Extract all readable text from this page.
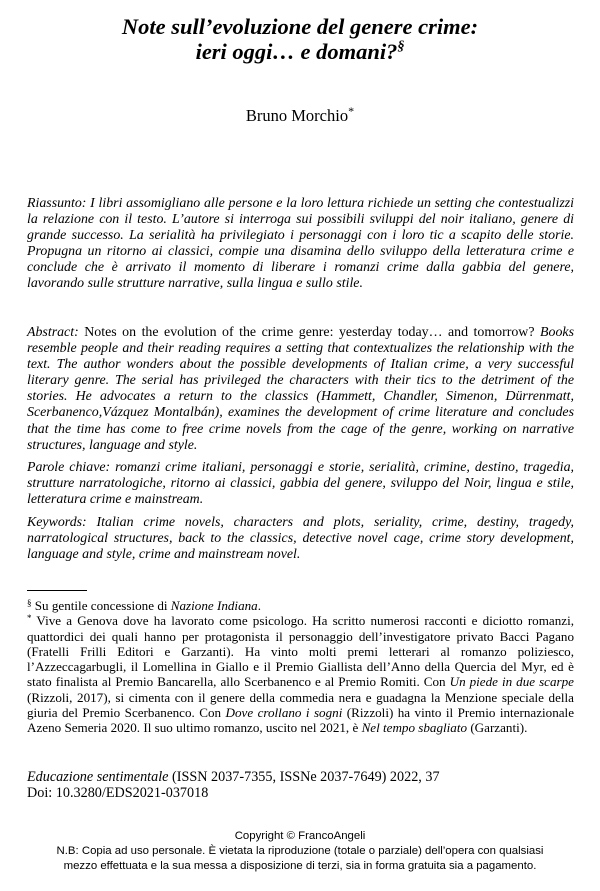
Note sull’evoluzione del genere crime:
ieri oggi… e domani?§
Bruno Morchio*

Riassunto: I libri assomigliano alle persone e la loro lettura richiede un setting che contestualizzi la relazione con il testo. L’autore si interroga sui possibili sviluppi del noir italiano, genere di grande successo. La serialità ha privilegiato i personaggi con i loro tic a scapito delle storie. Propugna un ritorno ai classici, compie una disamina dello sviluppo della letteratura crime e conclude che è arrivato il momento di liberare i romanzi crime dalla gabbia del genere, lavorando sulle strutture narrative, sulla lingua e sullo stile.

Abstract: Notes on the evolution of the crime genre: yesterday today… and tomorrow? Books resemble people and their reading requires a setting that contextualizes the relationship with the text. The author wonders about the possible developments of Italian crime, a very successful literary genre. The serial has privileged the characters with their tics to the detriment of the stories. He advocates a return to the classics (Hammett, Chandler, Simenon, Dürrenmatt, Scerbanenco,Vázquez Montalbán), examines the development of crime literature and concludes that the time has come to free crime novels from the cage of the genre, working on narrative structures, language and style.

Parole chiave: romanzi crime italiani, personaggi e storie, serialità, crimine, destino, tragedia, strutture narratologiche, ritorno ai classici, gabbia del genere, sviluppo del Noir, lingua e stile, letteratura crime e mainstream.

Keywords: Italian crime novels, characters and plots, seriality, crime, destiny, tragedy, narratological structures, back to the classics, detective novel cage, crime story development, language and style, crime and mainstream novel.

§ Su gentile concessione di Nazione Indiana.

* Vive a Genova dove ha lavorato come psicologo. Ha scritto numerosi racconti e diciotto romanzi, quattordici dei quali hanno per protagonista il personaggio dell’investigatore privato Bacci Pagano (Fratelli Frilli Editori e Garzanti). Ha vinto molti premi letterari al romanzo poliziesco, l’Azzeccagarbugli, il Lomellina in Giallo e il Premio Giallista dell’Anno della Quercia del Myr, ed è stato finalista al Premio Bancarella, allo Scerbanenco e al Premio Romiti. Con Un piede in due scarpe (Rizzoli, 2017), si cimenta con il genere della commedia nera e guadagna la Menzione speciale della giuria del Premio Scerbanenco. Con Dove crollano i sogni (Rizzoli) ha vinto il Premio internazionale Azeno Semeria 2020. Il suo ultimo romanzo, uscito nel 2021, è Nel tempo sbagliato (Garzanti).

Educazione sentimentale (ISSN 2037-7355, ISSNe 2037-7649) 2022, 37
Doi: 10.3280/EDS2021-037018
Copyright © FrancoAngeli
N.B: Copia ad uso personale. È vietata la riproduzione (totale o parziale) dell’opera con qualsiasi
mezzo effettuata e la sua messa a disposizione di terzi, sia in forma gratuita sia a pagamento.
